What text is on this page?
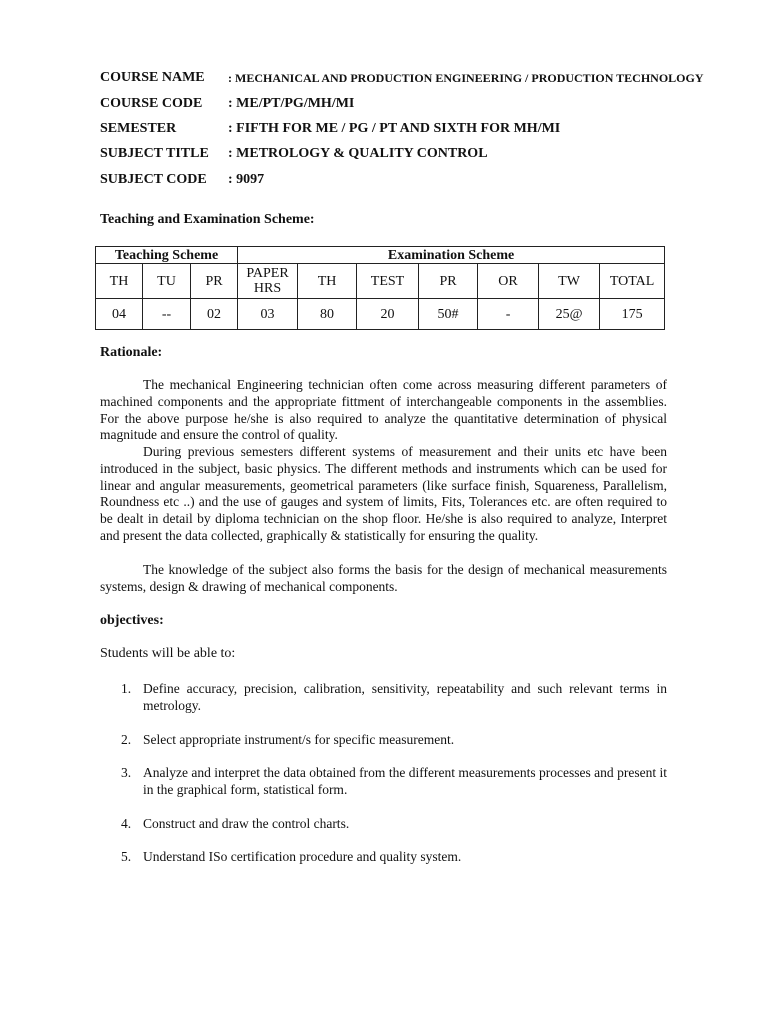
COURSE NAME : MECHANICAL AND PRODUCTION ENGINEERING / PRODUCTION TECHNOLOGY
COURSE CODE : ME/PT/PG/MH/MI
SEMESTER	: FIFTH FOR ME / PG / PT AND SIXTH FOR MH/MI
SUBJECT TITLE : METROLOGY & QUALITY CONTROL
SUBJECT CODE : 9097
Teaching and Examination Scheme:
Teaching Scheme			Examination Scheme						
TH	TU	PR	PAPER HRS	TH	TEST	PR	OR	TW	TOTAL
04	--	02	03	80	20	50#	-	25@	175
Rationale:
The mechanical Engineering technician often come across measuring different parameters of machined components and the appropriate fittment of interchangeable components in the assemblies. For the above purpose he/she is also required to analyze the quantitative determination of physical magnitude and ensure the control of quality.
During previous semesters different systems of measurement and their units etc have been introduced in the subject, basic physics. The different methods and instruments which can be used for linear and angular measurements, geometrical parameters (like surface finish, Squareness, Parallelism, Roundness etc ..) and the use of gauges and system of limits, Fits, Tolerances etc. are often required to be dealt in detail by diploma technician on the shop floor. He/she is also required to analyze, Interpret and present the data collected, graphically & statistically for ensuring the quality.
The knowledge of the subject also forms the basis for the design of mechanical measurements systems, design & drawing of mechanical components.
objectives:
Students will be able to:
1. Define accuracy, precision, calibration, sensitivity, repeatability and such relevant terms in metrology.
2. Select appropriate instrument/s for specific measurement.
3. Analyze and interpret the data obtained from the different measurements processes and present it in the graphical form, statistical form.
4. Construct and draw the control charts.
5. Understand ISo certification procedure and quality system.
